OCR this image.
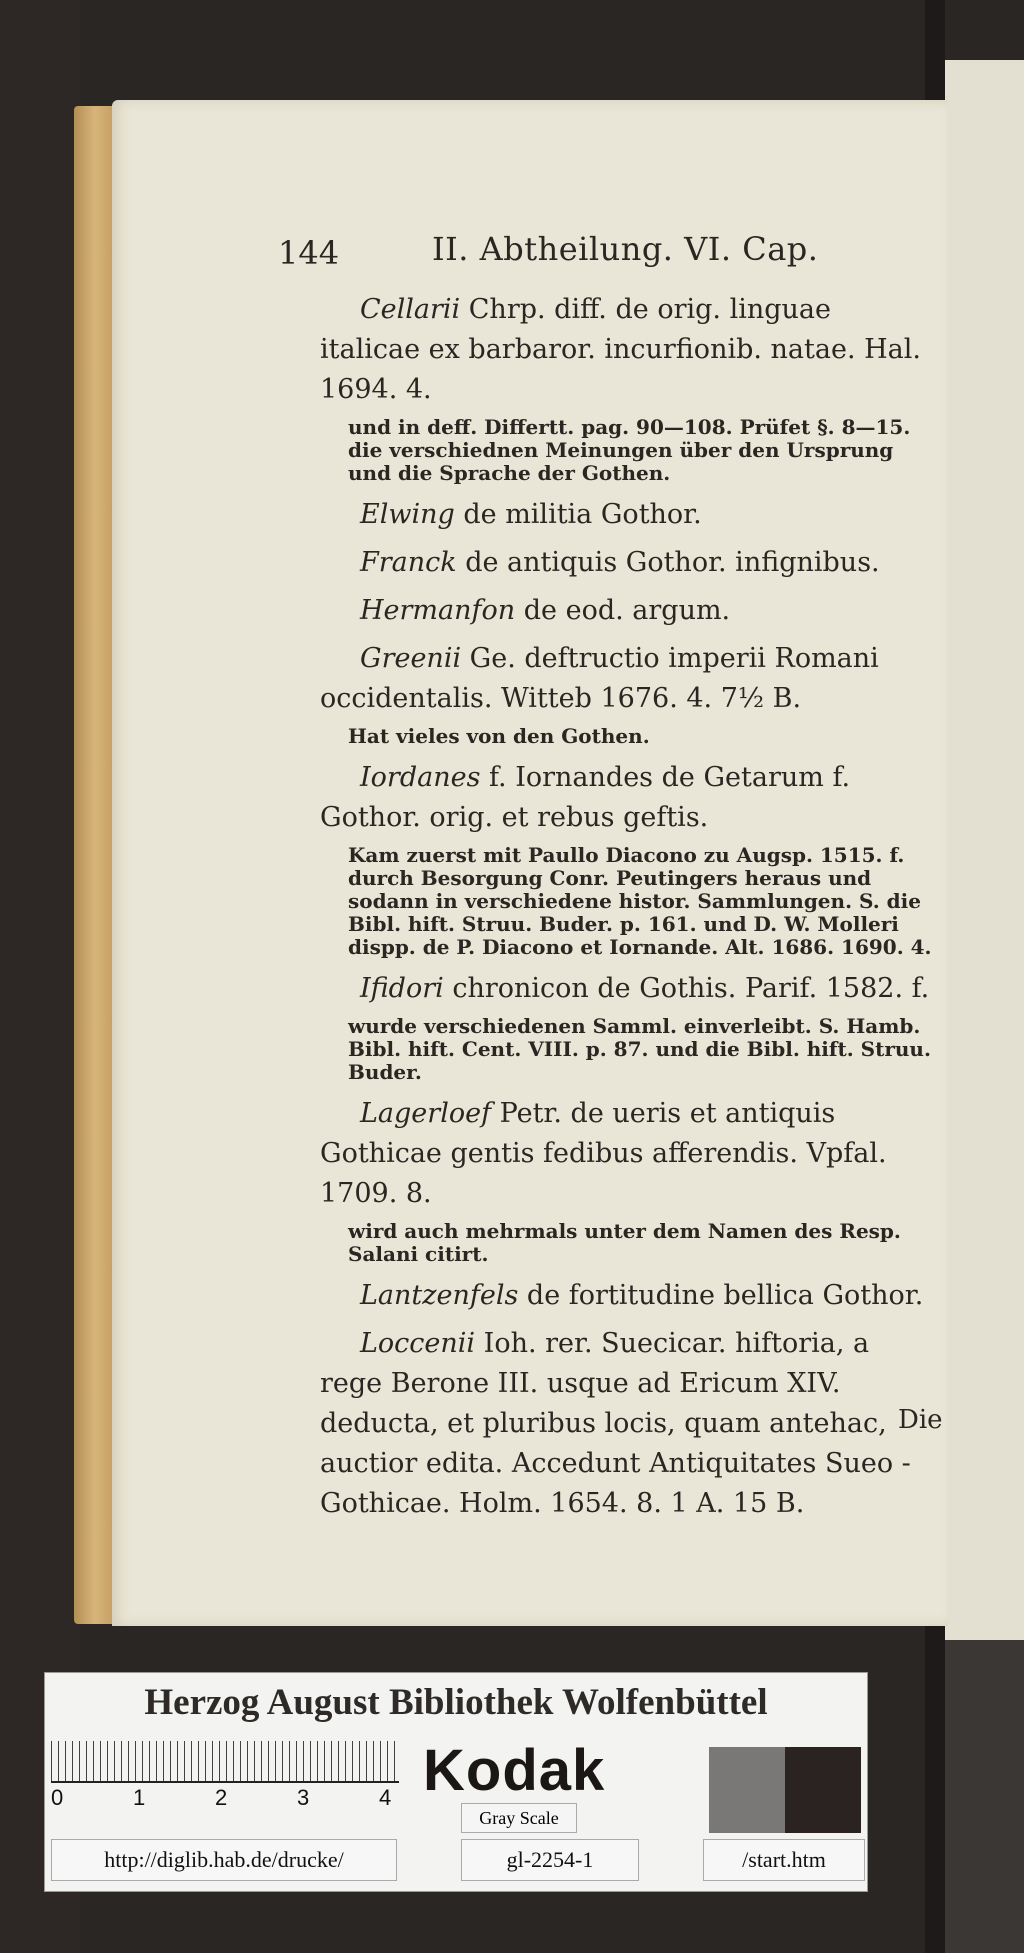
144	II. Abtheilung. VI. Cap.
Cellarii Chrp. diff. de orig. linguae italicae ex barbaror. incurfionib. natae. Hal. 1694. 4.
und in deff. Differtt. pag. 90—108. Prüfet §. 8—15. die verschiednen Meinungen über den Ursprung und die Sprache der Gothen.
Elwing de militia Gothor.
Franck de antiquis Gothor. infignibus.
Hermanfon de eod. argum.
Greenii Ge. deftructio imperii Romani occidentalis. Witteb 1676. 4. 7½ B.
Hat vieles von den Gothen.
Iordanes f. Iornandes de Getarum f. Gothor. orig. et rebus geftis.
Kam zuerst mit Paullo Diacono zu Augsp. 1515. f. durch Besorgung Conr. Peutingers heraus und sodann in verschiedene histor. Sammlungen. S. die Bibl. hift. Struu. Buder. p. 161. und D. W. Molleri dispp. de P. Diacono et Iornande. Alt. 1686. 1690. 4.
Ifidori chronicon de Gothis. Parif. 1582. f.
wurde verschiedenen Samml. einverleibt. S. Hamb. Bibl. hift. Cent. VIII. p. 87. und die Bibl. hift. Struu. Buder.
Lagerloef Petr. de ueris et antiquis Gothicae gentis fedibus afferendis. Vpfal. 1709. 8.
wird auch mehrmals unter dem Namen des Resp. Salani citirt.
Lantzenfels de fortitudine bellica Gothor.
Loccenii Ioh. rer. Suecicar. hiftoria, a rege Berone III. usque ad Ericum XIV. deducta, et pluribus locis, quam antehac, auctior edita. Accedunt Antiquitates Sueo - Gothicae. Holm. 1654. 8. 1 A. 15 B.
Die
Herzog August Bibliothek Wolfenbüttel
0	1	2	3	4 Kodak
Gray Scale
http://diglib.hab.de/drucke/	gl-2254-1	/start.htm
